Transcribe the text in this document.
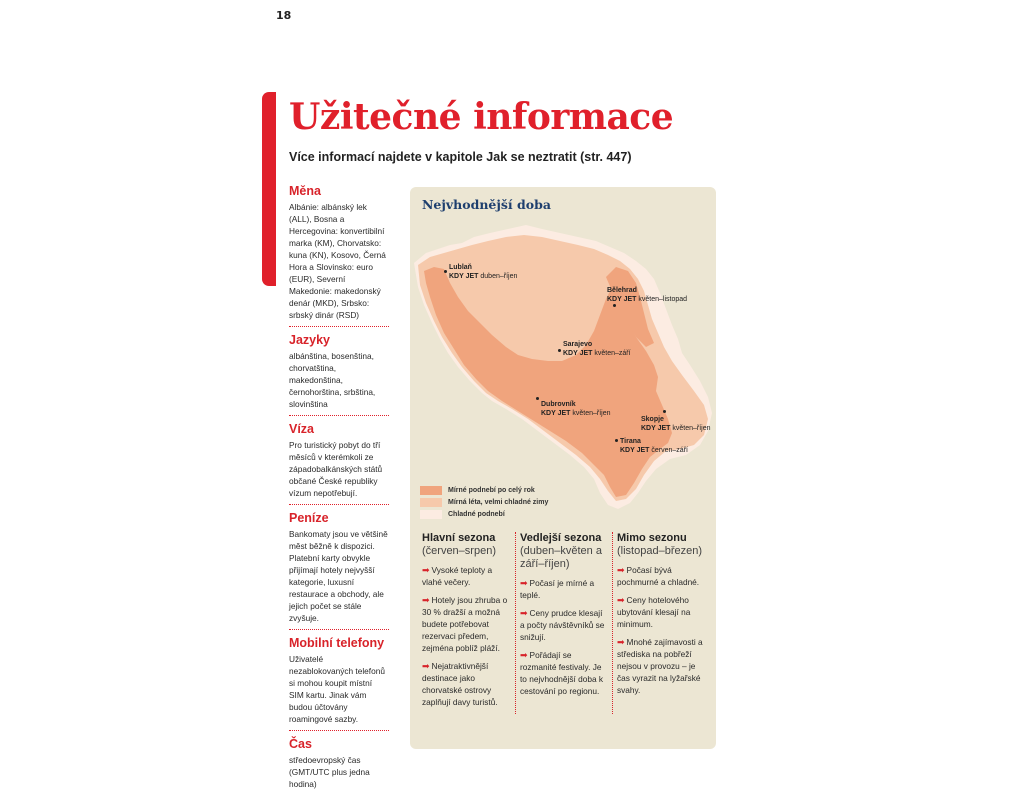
18
Užitečné informace
Více informací najdete v kapitole Jak se neztratit (str. 447)
Měna

Albánie: albánský lek (ALL), Bosna a Hercegovina: konvertibilní marka (KM), Chorvatsko: kuna (KN), Kosovo, Černá Hora a Slovinsko: euro (EUR), Severní Makedonie: makedonský denár (MKD), Srbsko: srbský dinár (RSD)

Jazyky

albánština, bosenština, chorvatština, makedonština, černohorština, srbština, slovinština

Víza

Pro turistický pobyt do tří měsíců v kterémkoli ze západobalkánských států občané České republiky vízum nepotřebují.

Peníze

Bankomaty jsou ve většině měst běžně k dispozici. Platební karty obvykle přijímají hotely nejvyšší kategorie, luxusní restaurace a obchody, ale jejich počet se stále zvyšuje.

Mobilní telefony

Uživatelé nezablokovaných telefonů si mohou koupit místní SIM kartu. Jinak vám budou účtovány roamingové sazby.

Čas

středoevropský čas (GMT/UTC plus jedna hodina)

Nejvhodnější doba
Lublaň
KDY JET duben–říjen
Bělehrad
KDY JET květen–listopad
Sarajevo
KDY JET květen–září
Dubrovník
KDY JET květen–říjen
Skopje
KDY JET květen–říjen
Tirana
KDY JET červen–září
Mírné podnebí po celý rok
Mírná léta, velmi chladné zimy
Chladné podnebí
Hlavní sezona
(červen–srpen)
➡ Vysoké teploty a vlahé večery.
➡ Hotely jsou zhruba o 30 % dražší a možná budete potřebovat rezervaci předem, zejména poblíž pláží.
➡ Nejatraktivnější destinace jako chorvatské ostrovy zaplňují davy turistů.
Vedlejší sezona (duben–květen a září–říjen)
➡ Počasí je mírné a teplé.
➡ Ceny prudce klesají a počty návštěvníků se snižují.
➡ Pořádají se rozmanité festivaly. Je to nejvhodnější doba k cestování po regionu.
Mimo sezonu
(listopad–březen)
➡ Počasí bývá pochmurné a chladné.
➡ Ceny hotelového ubytování klesají na minimum.
➡ Mnohé zajímavosti a střediska na pobřeží nejsou v provozu – je čas vyrazit na lyžařské svahy.
